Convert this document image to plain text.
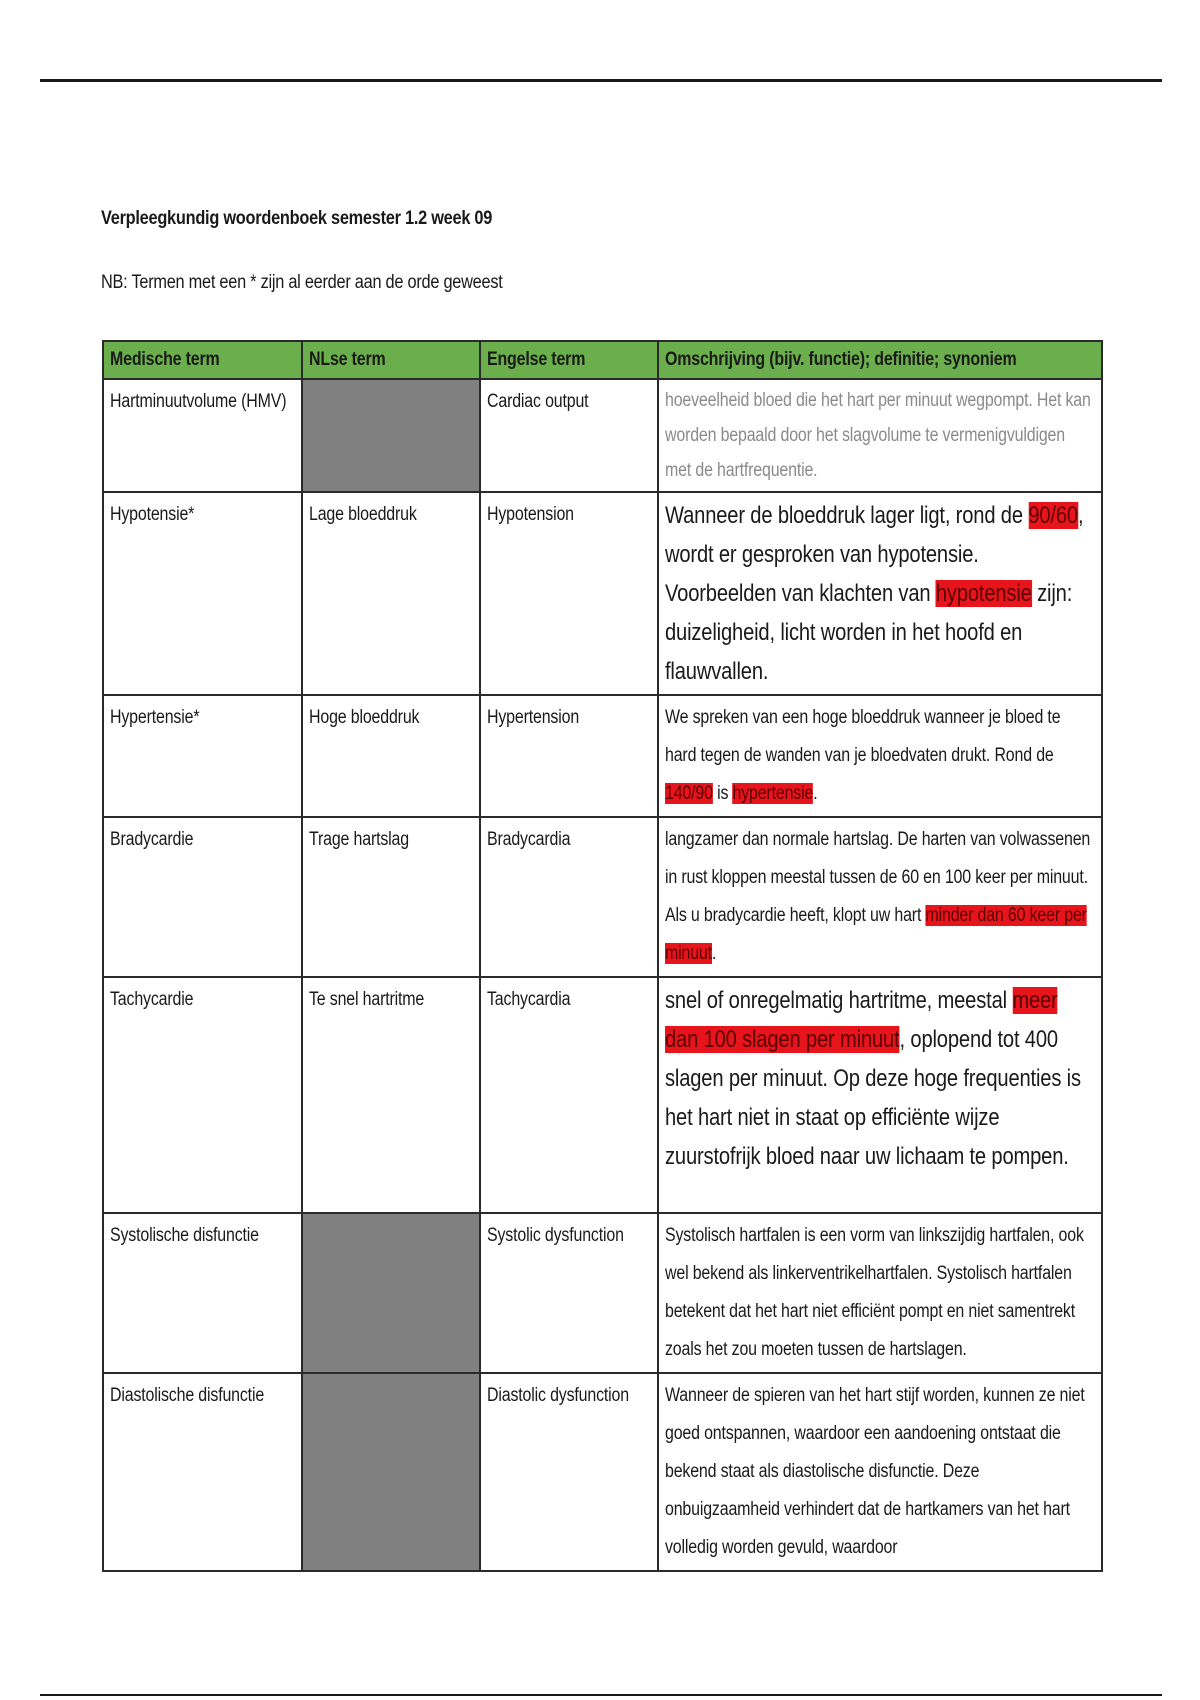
Verpleegkundig woordenboek semester 1.2 week 09
NB: Termen met een * zijn al eerder aan de orde geweest
Medische term	NLse term	Engelse term	Omschrijving (bijv. functie); definitie; synoniem
Hartminuutvolume (HMV)		Cardiac output	hoeveelheid bloed die het hart per minuut wegpompt. Het kan worden bepaald door het slagvolume te vermenigvuldigen met de hartfrequentie.
Hypotensie*	Lage bloeddruk	Hypotension	Wanneer de bloeddruk lager ligt, rond de 90/60, wordt er gesproken van hypotensie. Voorbeelden van klachten van hypotensie zijn: duizeligheid, licht worden in het hoofd en flauwvallen.
Hypertensie*	Hoge bloeddruk	Hypertension	We spreken van een hoge bloeddruk wanneer je bloed te hard tegen de wanden van je bloedvaten drukt. Rond de 140/90 is hypertensie.
Bradycardie	Trage hartslag	Bradycardia	langzamer dan normale hartslag. De harten van volwassenen in rust kloppen meestal tussen de 60 en 100 keer per minuut. Als u bradycardie heeft, klopt uw hart minder dan 60 keer per minuut.
Tachycardie	Te snel hartritme	Tachycardia	snel of onregelmatig hartritme, meestal meer dan 100 slagen per minuut, oplopend tot 400 slagen per minuut. Op deze hoge frequenties is het hart niet in staat op efficiënte wijze zuurstofrijk bloed naar uw lichaam te pompen.
Systolische disfunctie		Systolic dysfunction	Systolisch hartfalen is een vorm van linkszijdig hartfalen, ook wel bekend als linkerventrikelhartfalen. Systolisch hartfalen betekent dat het hart niet efficiënt pompt en niet samentrekt zoals het zou moeten tussen de hartslagen.
Diastolische disfunctie		Diastolic dysfunction	Wanneer de spieren van het hart stijf worden, kunnen ze niet goed ontspannen, waardoor een aandoening ontstaat die bekend staat als diastolische disfunctie. Deze onbuigzaamheid verhindert dat de hartkamers van het hart volledig worden gevuld, waardoor
